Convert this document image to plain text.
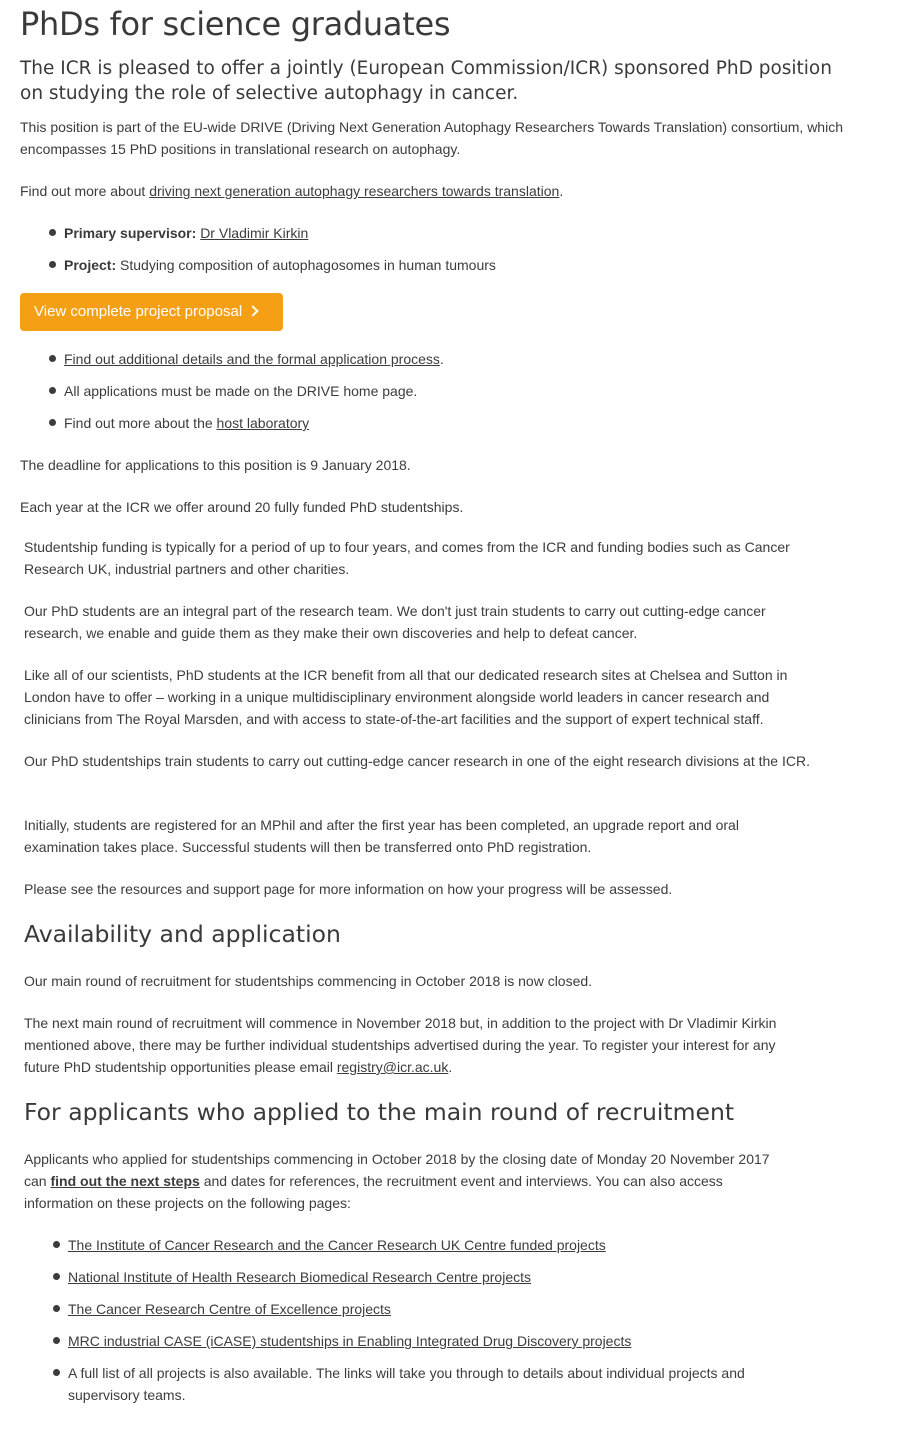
PhDs for science graduates
The ICR is pleased to offer a jointly (European Commission/ICR) sponsored PhD position on studying the role of selective autophagy in cancer.

This position is part of the EU-wide DRIVE (Driving Next Generation Autophagy Researchers Towards Translation) consortium, which encompasses 15 PhD positions in translational research on autophagy.

Find out more about driving next generation autophagy researchers towards translation.

Primary supervisor: Dr Vladimir Kirkin
Project: Studying composition of autophagosomes in human tumours
View complete project proposal
Find out additional details and the formal application process.
All applications must be made on the DRIVE home page.
Find out more about the host laboratory

The deadline for applications to this position is 9 January 2018.

Each year at the ICR we offer around 20 fully funded PhD studentships.

Studentship funding is typically for a period of up to four years, and comes from the ICR and funding bodies such as Cancer Research UK, industrial partners and other charities.

Our PhD students are an integral part of the research team. We don't just train students to carry out cutting-edge cancer research, we enable and guide them as they make their own discoveries and help to defeat cancer.

Like all of our scientists, PhD students at the ICR benefit from all that our dedicated research sites at Chelsea and Sutton in London have to offer – working in a unique multidisciplinary environment alongside world leaders in cancer research and clinicians from The Royal Marsden, and with access to state-of-the-art facilities and the support of expert technical staff.

Our PhD studentships train students to carry out cutting-edge cancer research in one of the eight research divisions at the ICR.

Initially, students are registered for an MPhil and after the first year has been completed, an upgrade report and oral examination takes place. Successful students will then be transferred onto PhD registration.

Please see the resources and support page for more information on how your progress will be assessed.

Availability and application

Our main round of recruitment for studentships commencing in October 2018 is now closed.

The next main round of recruitment will commence in November 2018 but, in addition to the project with Dr Vladimir Kirkin mentioned above, there may be further individual studentships advertised during the year. To register your interest for any future PhD studentship opportunities please email registry@icr.ac.uk.

For applicants who applied to the main round of recruitment

Applicants who applied for studentships commencing in October 2018 by the closing date of Monday 20 November 2017 can find out the next steps and dates for references, the recruitment event and interviews. You can also access information on these projects on the following pages:

The Institute of Cancer Research and the Cancer Research UK Centre funded projects
National Institute of Health Research Biomedical Research Centre projects
The Cancer Research Centre of Excellence projects
MRC industrial CASE (iCASE) studentships in Enabling Integrated Drug Discovery projects
A full list of all projects is also available. The links will take you through to details about individual projects and supervisory teams.
